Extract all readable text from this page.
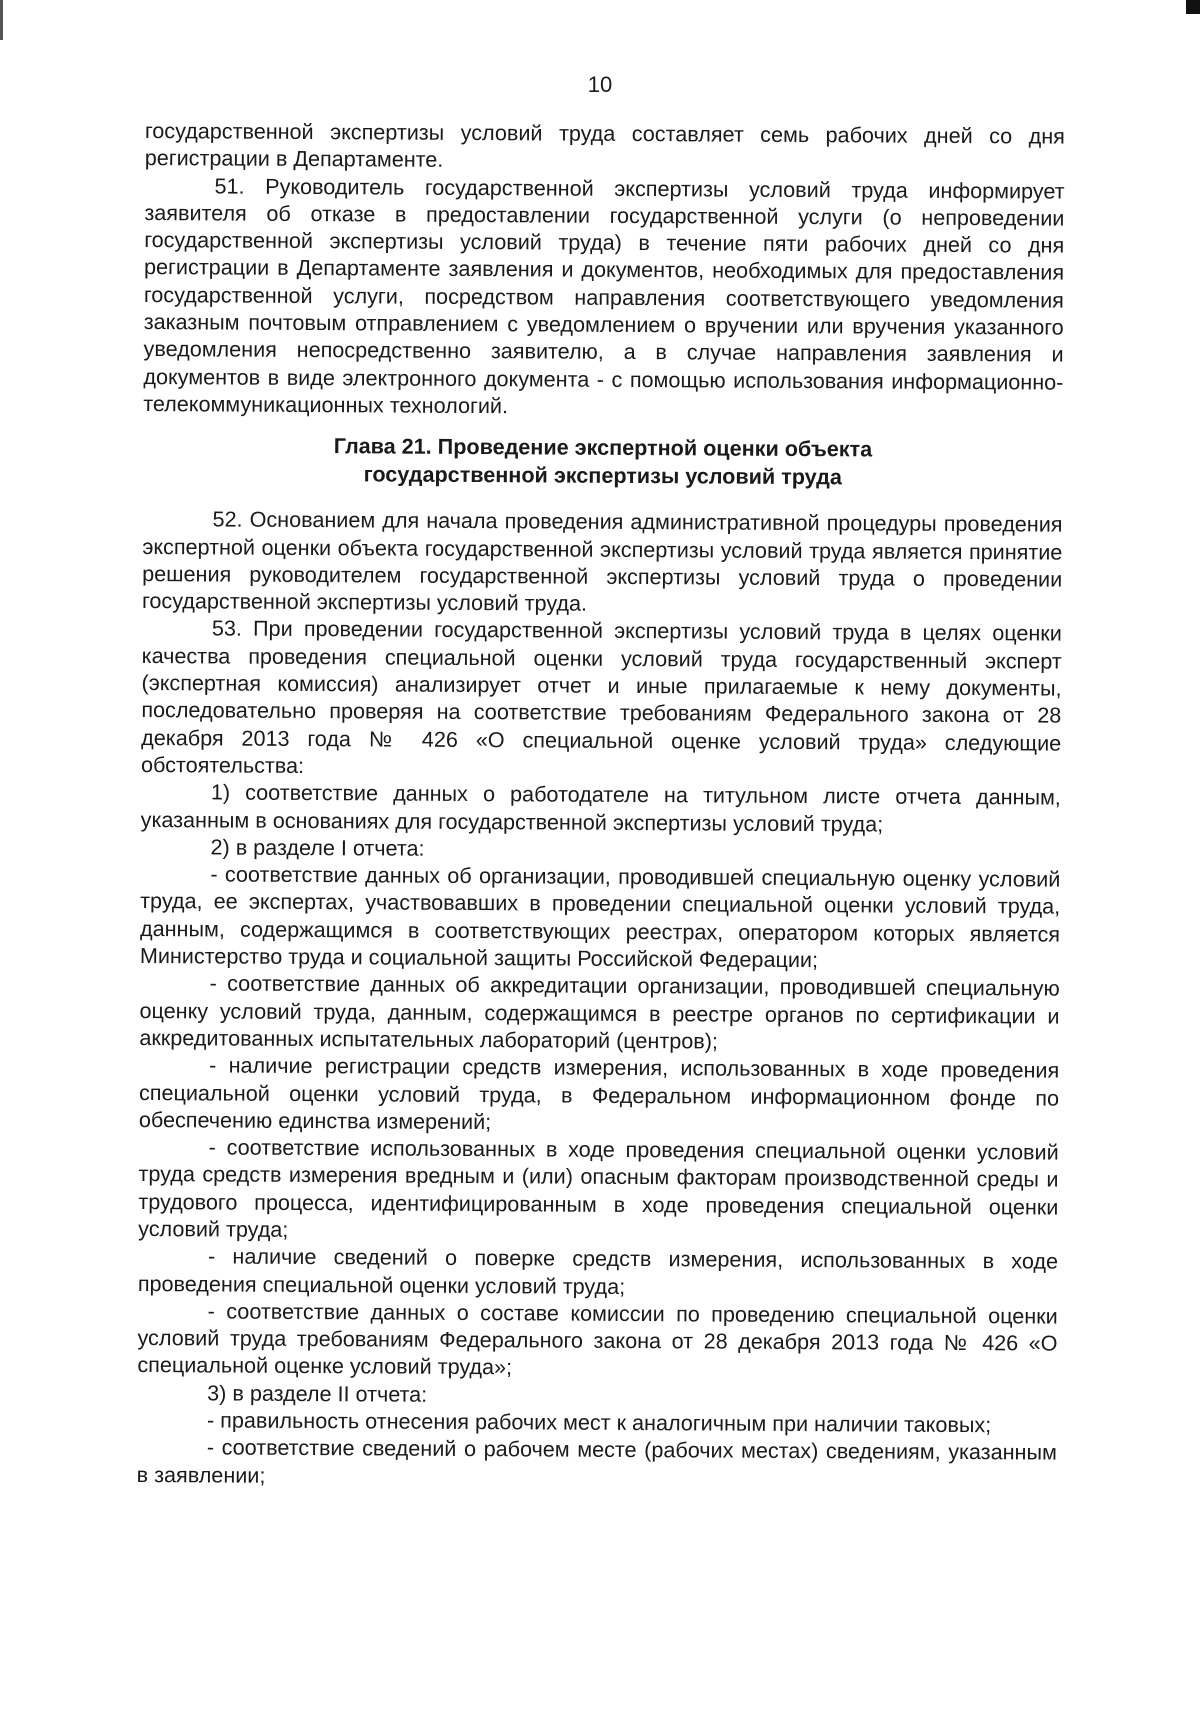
10

государственной экспертизы условий труда составляет семь рабочих дней со дня регистрации в Департаменте.

51. Руководитель государственной экспертизы условий труда информирует заявителя об отказе в предоставлении государственной услуги (о непроведении государственной экспертизы условий труда) в течение пяти рабочих дней со дня регистрации в Департаменте заявления и документов, необходимых для предоставления государственной услуги, посредством направления соответствующего уведомления заказным почтовым отправлением с уведомлением о вручении или вручения указанного уведомления непосредственно заявителю, а в случае направления заявления и документов в виде электронного документа - с помощью использования информационно-телекоммуникационных технологий.

Глава 21. Проведение экспертной оценки объекта
государственной экспертизы условий труда

52. Основанием для начала проведения административной процедуры проведения экспертной оценки объекта государственной экспертизы условий труда является принятие решения руководителем государственной экспертизы условий труда о проведении государственной экспертизы условий труда.

53. При проведении государственной экспертизы условий труда в целях оценки качества проведения специальной оценки условий труда государственный эксперт (экспертная комиссия) анализирует отчет и иные прилагаемые к нему документы, последовательно проверяя на соответствие требованиям Федерального закона от 28 декабря 2013 года № 426 «О специальной оценке условий труда» следующие обстоятельства:

1) соответствие данных о работодателе на титульном листе отчета данным, указанным в основаниях для государственной экспертизы условий труда;

2) в разделе I отчета:

- соответствие данных об организации, проводившей специальную оценку условий труда, ее экспертах, участвовавших в проведении специальной оценки условий труда, данным, содержащимся в соответствующих реестрах, оператором которых является Министерство труда и социальной защиты Российской Федерации;

- соответствие данных об аккредитации организации, проводившей специальную оценку условий труда, данным, содержащимся в реестре органов по сертификации и аккредитованных испытательных лабораторий (центров);

- наличие регистрации средств измерения, использованных в ходе проведения специальной оценки условий труда, в Федеральном информационном фонде по обеспечению единства измерений;

- соответствие использованных в ходе проведения специальной оценки условий труда средств измерения вредным и (или) опасным факторам производственной среды и трудового процесса, идентифицированным в ходе проведения специальной оценки условий труда;

- наличие сведений о поверке средств измерения, использованных в ходе проведения специальной оценки условий труда;

- соответствие данных о составе комиссии по проведению специальной оценки условий труда требованиям Федерального закона от 28 декабря 2013 года № 426 «О специальной оценке условий труда»;

3) в разделе II отчета:

- правильность отнесения рабочих мест к аналогичным при наличии таковых;

- соответствие сведений о рабочем месте (рабочих местах) сведениям, указанным в заявлении;
